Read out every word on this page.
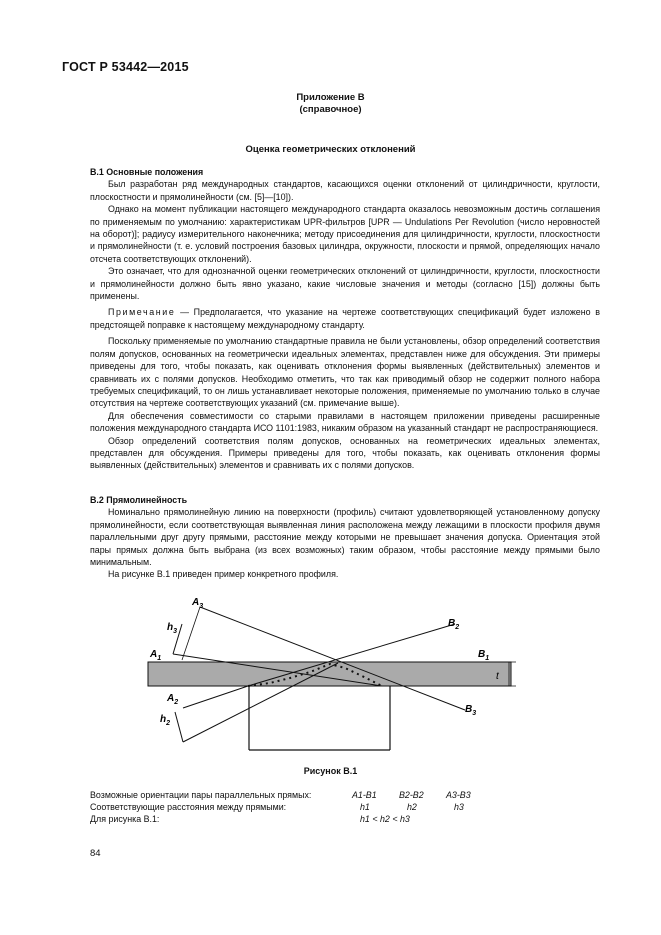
ГОСТ Р 53442—2015
Приложение В
(справочное)
Оценка геометрических отклонений

В.1 Основные положения

Был разработан ряд международных стандартов, касающихся оценки отклонений от цилиндричности, круглости, плоскостности и прямолинейности (см. [5]—[10]).

Однако на момент публикации настоящего международного стандарта оказалось невозможным достичь соглашения по применяемым по умолчанию: характеристикам UPR-фильтров [UPR — Undulations Per Revolution (число неровностей на оборот)]; радиусу измерительного наконечника; методу присоединения для цилиндричности, круглости, плоскостности и прямолинейности (т. е. условий построения базовых цилиндра, окружности, плоскости и прямой, определяющих начало отсчета соответствующих отклонений).

Это означает, что для однозначной оценки геометрических отклонений от цилиндричности, круглости, плоскостности и прямолинейности должно быть явно указано, какие числовые значения и методы (согласно [15]) должны быть применены.

Примечание — Предполагается, что указание на чертеже соответствующих спецификаций будет изложено в предстоящей поправке к настоящему международному стандарту.

Поскольку применяемые по умолчанию стандартные правила не были установлены, обзор определений соответствия полям допусков, основанных на геометрически идеальных элементах, представлен ниже для обсуждения. Эти примеры приведены для того, чтобы показать, как оценивать отклонения формы выявленных (действительных) элементов и сравнивать их с полями допусков. Необходимо отметить, что так как приводимый обзор не содержит полного набора требуемых спецификаций, то он лишь устанавливает некоторые положения, применяемые по умолчанию только в случае отсутствия на чертеже соответствующих указаний (см. примечание выше).

Для обеспечения совместимости со старыми правилами в настоящем приложении приведены расширенные положения международного стандарта ИСО 1101:1983, никаким образом на указанный стандарт не распространяющиеся.

Обзор определений соответствия полям допусков, основанных на геометрических идеальных элементах, представлен для обсуждения. Примеры приведены для того, чтобы показать, как оценивать отклонения формы выявленных (действительных) элементов и сравнивать их с полями допусков.

В.2 Прямолинейность

Номинально прямолинейную линию на поверхности (профиль) считают удовлетворяющей установленному допуску прямолинейности, если соответствующая выявленная линия расположена между лежащими в плоскости профиля двумя параллельными друг другу прямыми, расстояние между которыми не превышает значения допуска. Ориентация этой пары прямых должна быть выбрана (из всех возможных) таким образом, чтобы расстояние между прямыми было минимальным.

На рисунке В.1 приведен пример конкретного профиля.

$A_3$
$B_2$
$A_1$	$B_1$
$h_3$
$A_2$
$h_2$
$B_3$
t
Рисунок В.1
Возможные ориентации пары параллельных прямых:	A1-B1	B2-B2	A3-B3
Соответствующие расстояния между прямыми:	h1	h2	h3
Для рисунка В.1:	h1 < h2 < h3		
84
